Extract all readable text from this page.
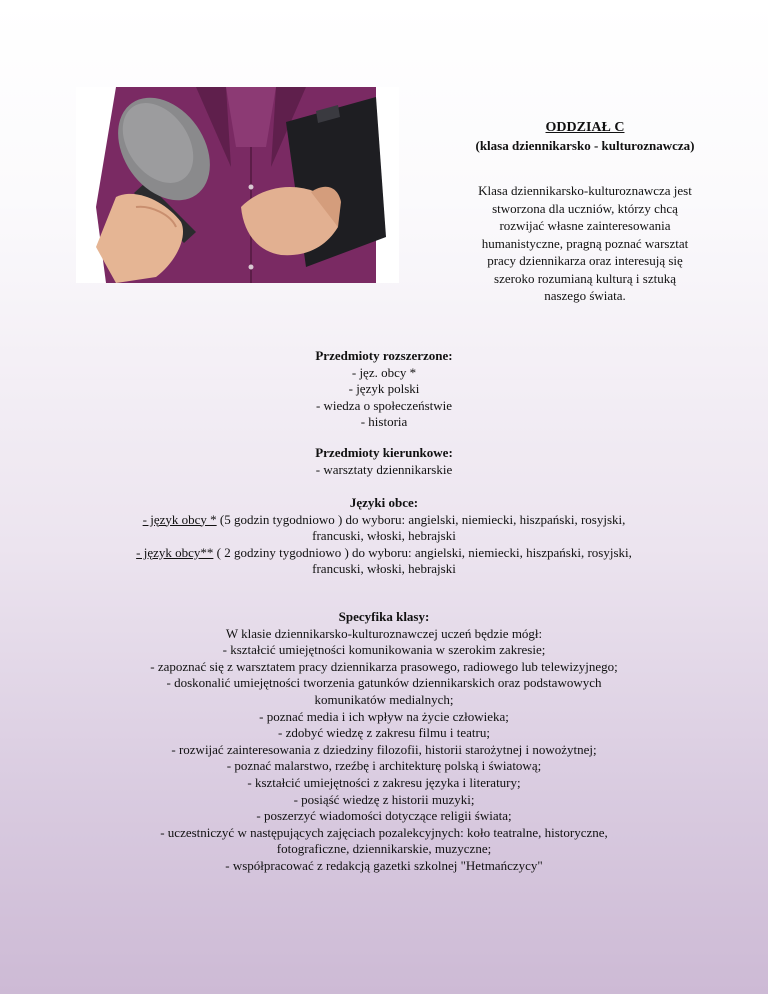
ODDZIAŁ C
(klasa dziennikarsko - kulturoznawcza)
Klasa dziennikarsko-kulturoznawcza jest
stworzona dla uczniów, którzy chcą
rozwijać własne zainteresowania
humanistyczne, pragną poznać warsztat
pracy dziennikarza oraz interesują się
szeroko rozumianą kulturą i sztuką
naszego świata.
Przedmioty rozszerzone:
- jęz. obcy *
- język polski
- wiedza o społeczeństwie
- historia
Przedmioty kierunkowe:
- warsztaty dziennikarskie
Języki obce:
- język obcy * (5 godzin tygodniowo ) do wyboru: angielski, niemiecki, hiszpański, rosyjski,
francuski, włoski, hebrajski
- język obcy** ( 2 godziny tygodniowo ) do wyboru: angielski, niemiecki, hiszpański, rosyjski,
francuski, włoski, hebrajski
Specyfika klasy:
W klasie dziennikarsko-kulturoznawczej uczeń będzie mógł:
- kształcić umiejętności komunikowania w szerokim zakresie;
- zapoznać się z warsztatem pracy dziennikarza prasowego, radiowego lub telewizyjnego;
- doskonalić umiejętności tworzenia gatunków dziennikarskich oraz podstawowych
komunikatów medialnych;
- poznać media i ich wpływ na życie człowieka;
- zdobyć wiedzę z zakresu filmu i teatru;
- rozwijać zainteresowania z dziedziny filozofii, historii starożytnej i nowożytnej;
- poznać malarstwo, rzeźbę i architekturę polską i światową;
- kształcić umiejętności z zakresu języka i literatury;
- posiąść wiedzę z historii muzyki;
- poszerzyć wiadomości dotyczące religii świata;
- uczestniczyć w następujących zajęciach pozalekcyjnych: koło teatralne, historyczne,
fotograficzne, dziennikarskie, muzyczne;
- współpracować z redakcją gazetki szkolnej "Hetmańczycy"
